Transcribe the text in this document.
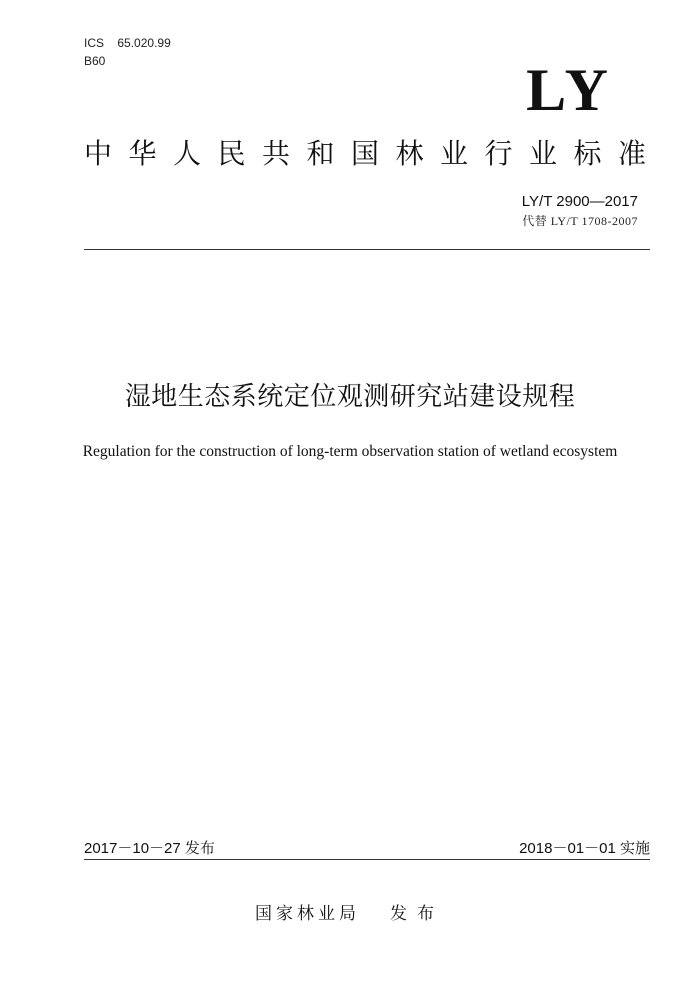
ICS 65.020.99
B60	LY
中华人民共和国林业行业标准
LY/T 2900—2017
代替 LY/T 1708-2007
湿地生态系统定位观测研究站建设规程
Regulation for the construction of long-term observation station of wetland ecosystem
2017－10－27 发布	2018－01－01 实施
国家林业局 发布
